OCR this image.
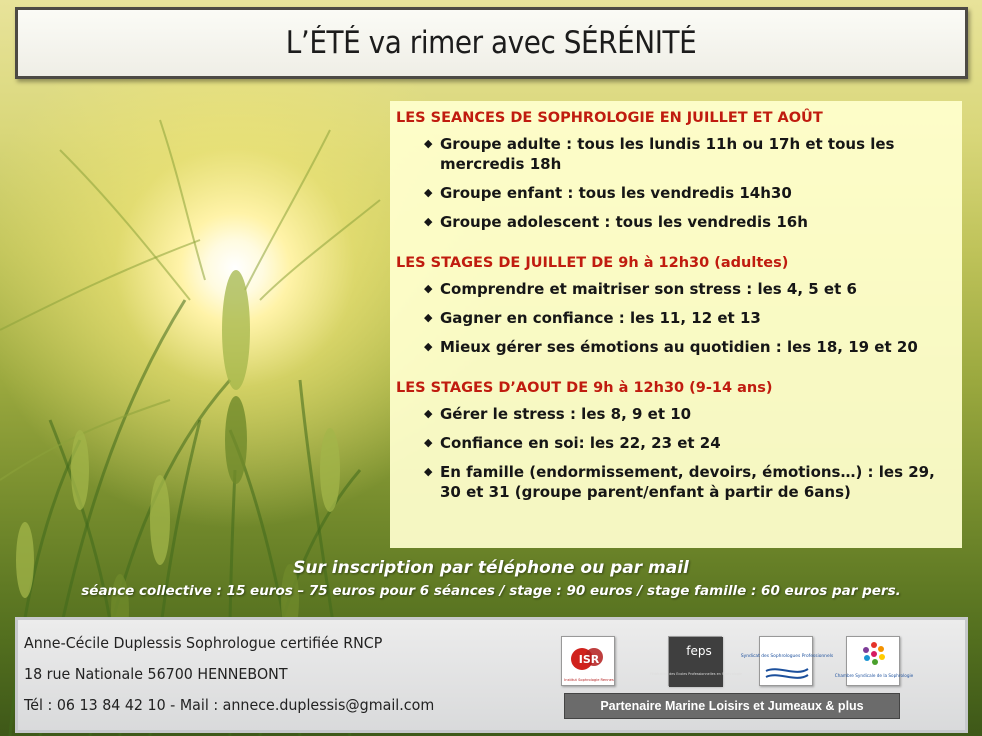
L’ÉTÉ va rimer avec SÉRÉNITÉ
LES SEANCES DE SOPHROLOGIE EN JUILLET ET AOÛT
◆ Groupe adulte : tous les lundis 11h ou 17h et tous les mercredis 18h
◆ Groupe enfant : tous les vendredis 14h30
◆ Groupe adolescent : tous les vendredis 16h
LES STAGES DE JUILLET DE 9h à 12h30 (adultes)
◆ Comprendre et maitriser son stress : les 4, 5 et 6
◆ Gagner en confiance : les 11, 12 et 13
◆ Mieux gérer ses émotions au quotidien : les 18, 19 et 20
LES STAGES D’AOUT DE 9h à 12h30 (9-14 ans)
◆ Gérer le stress : les 8, 9 et 10
◆ Confiance en soi: les 22, 23 et 24
◆ En famille (endormissement, devoirs, émotions…) : les 29, 30 et 31 (groupe parent/enfant à partir de 6ans)
Sur inscription par téléphone ou par mail
séance collective : 15 euros – 75 euros pour 6 séances / stage : 90 euros / stage famille : 60 euros par pers.
Anne-Cécile Duplessis Sophrologue certifiée RNCP
18 rue Nationale 56700 HENNEBONT
Tél : 06 13 84 42 10 - Mail : annece.duplessis@gmail.com
ISR
Institut Sophrologie Rennes
feps
Fédération des Ecoles Professionnelles en Sophrologie
Syndicat des Sophrologues Professionnels
Chambre Syndicale de la Sophrologie
Partenaire Marine Loisirs et Jumeaux & plus
